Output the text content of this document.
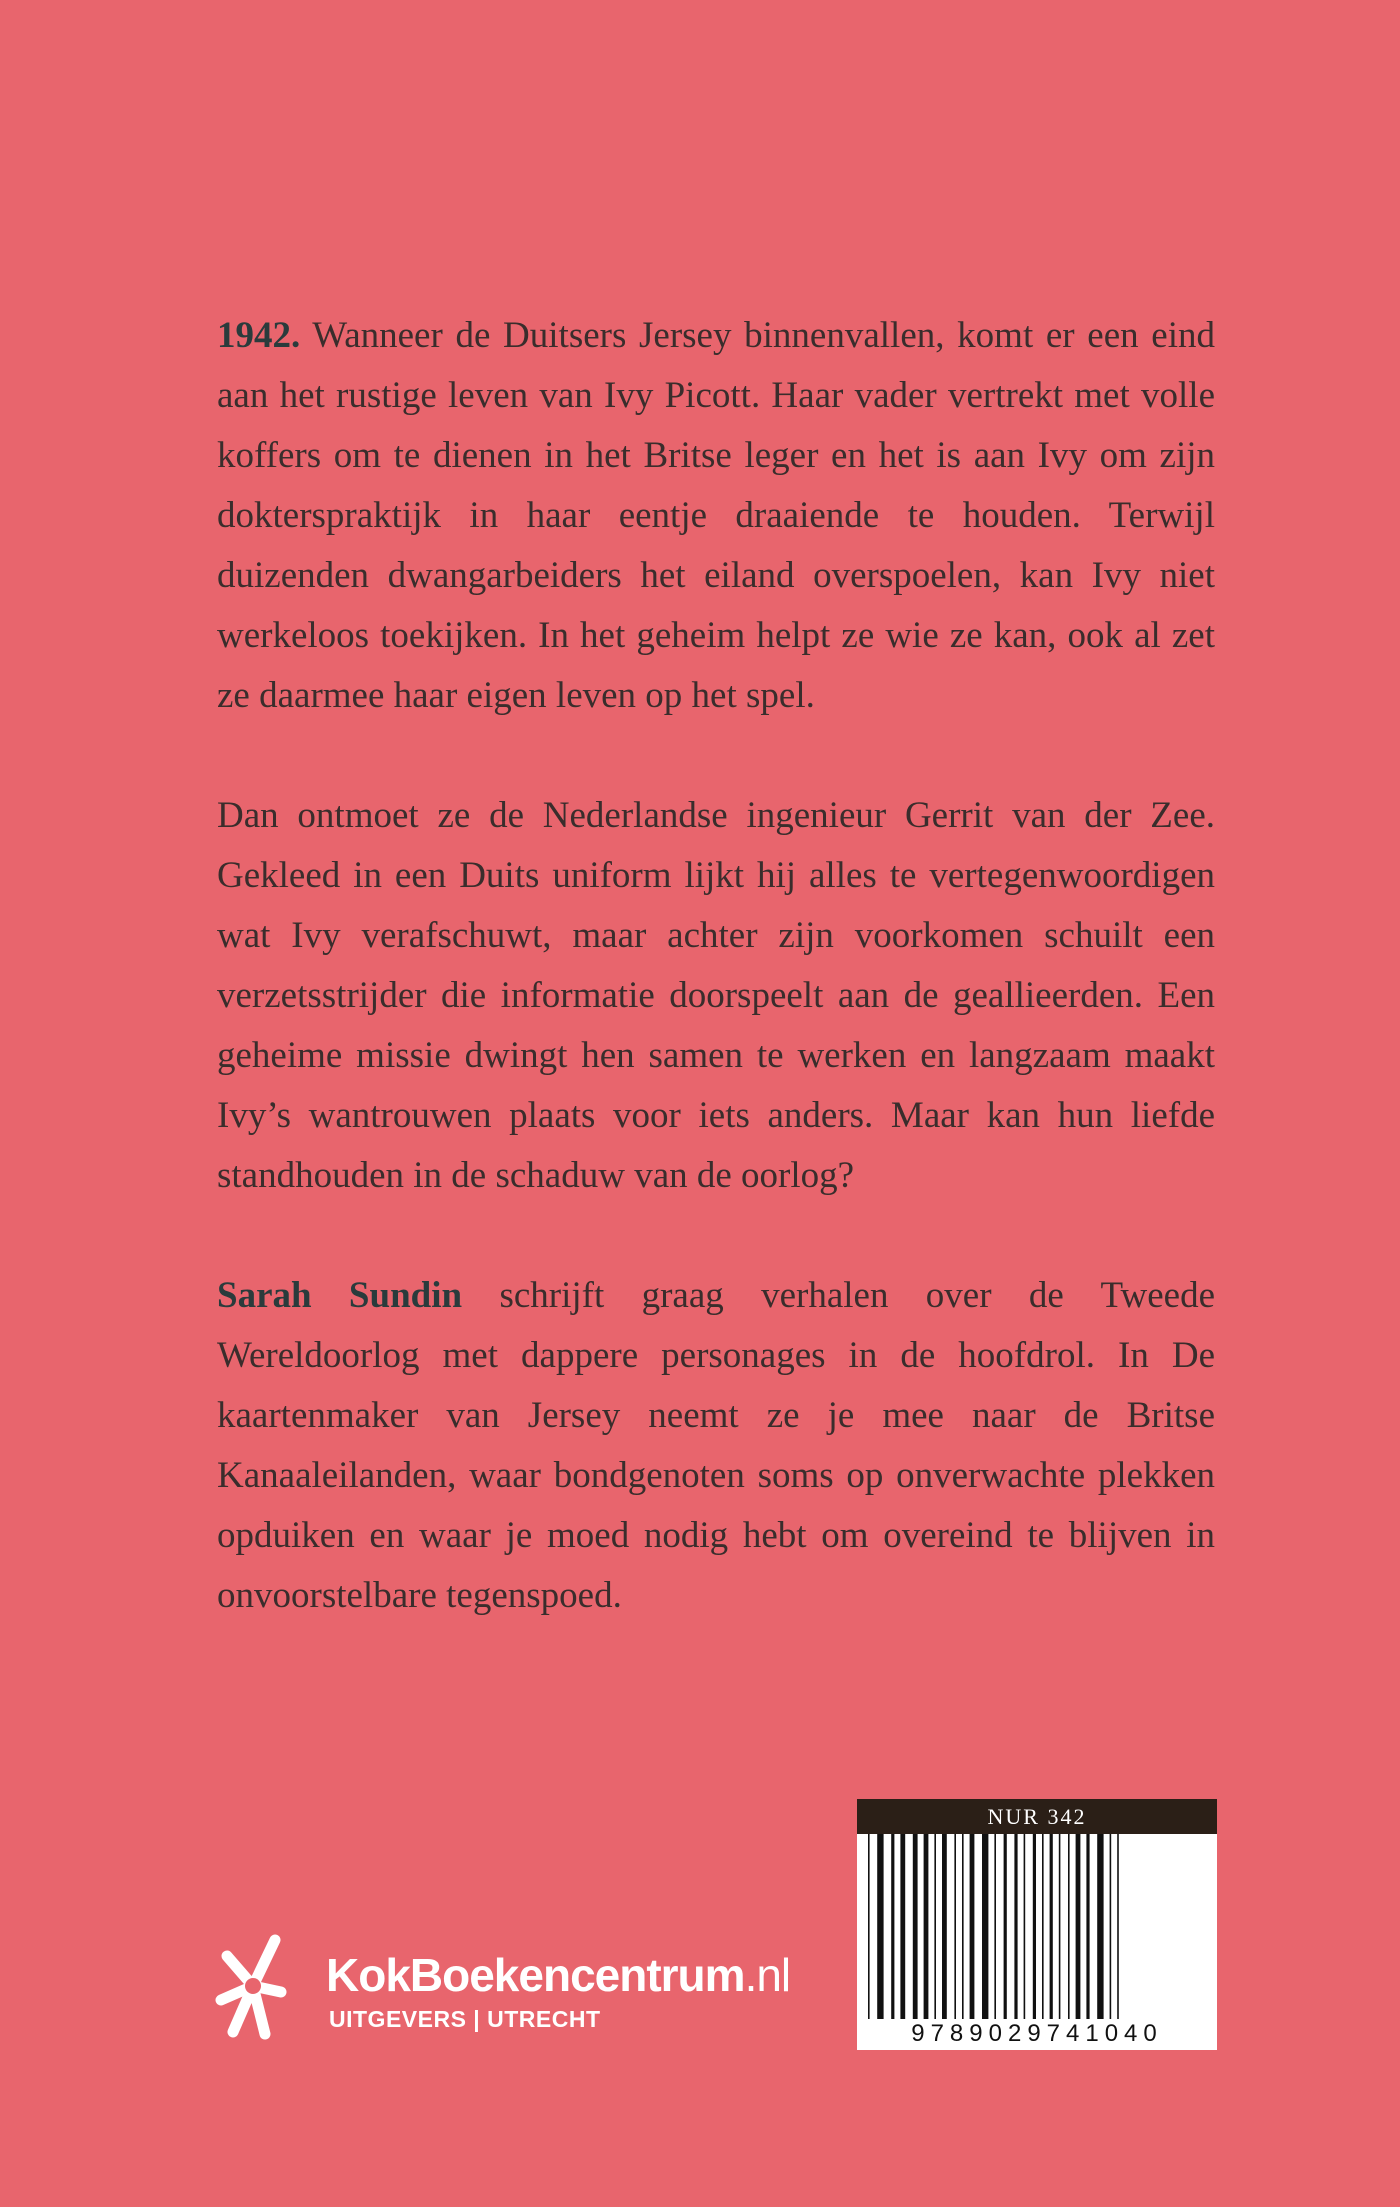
1942. Wanneer de Duitsers Jersey binnenvallen, komt er een eind aan het rustige leven van Ivy Picott. Haar vader vertrekt met volle koffers om te dienen in het Britse leger en het is aan Ivy om zijn dokterspraktijk in haar eentje draaiende te houden. Terwijl duizenden dwangarbeiders het eiland overspoelen, kan Ivy niet werkeloos toekijken. In het geheim helpt ze wie ze kan, ook al zet ze daarmee haar eigen leven op het spel.

Dan ontmoet ze de Nederlandse ingenieur Gerrit van der Zee. Gekleed in een Duits uniform lijkt hij alles te vertegenwoordigen wat Ivy verafschuwt, maar achter zijn voorkomen schuilt een verzetsstrijder die informatie doorspeelt aan de geallieerden. Een geheime missie dwingt hen samen te werken en langzaam maakt Ivy’s wantrouwen plaats voor iets anders. Maar kan hun liefde standhouden in de schaduw van de oorlog?

Sarah Sundin schrijft graag verhalen over de Tweede Wereldoorlog met dappere personages in de hoofdrol. In De kaartenmaker van Jersey neemt ze je mee naar de Britse Kanaaleilanden, waar bondgenoten soms op onverwachte plekken opduiken en waar je moed nodig hebt om overeind te blijven in onvoorstelbare tegenspoed.

KokBoekencentrum.nl
UITGEVERS | UTRECHT
NUR 342
9789029741040
